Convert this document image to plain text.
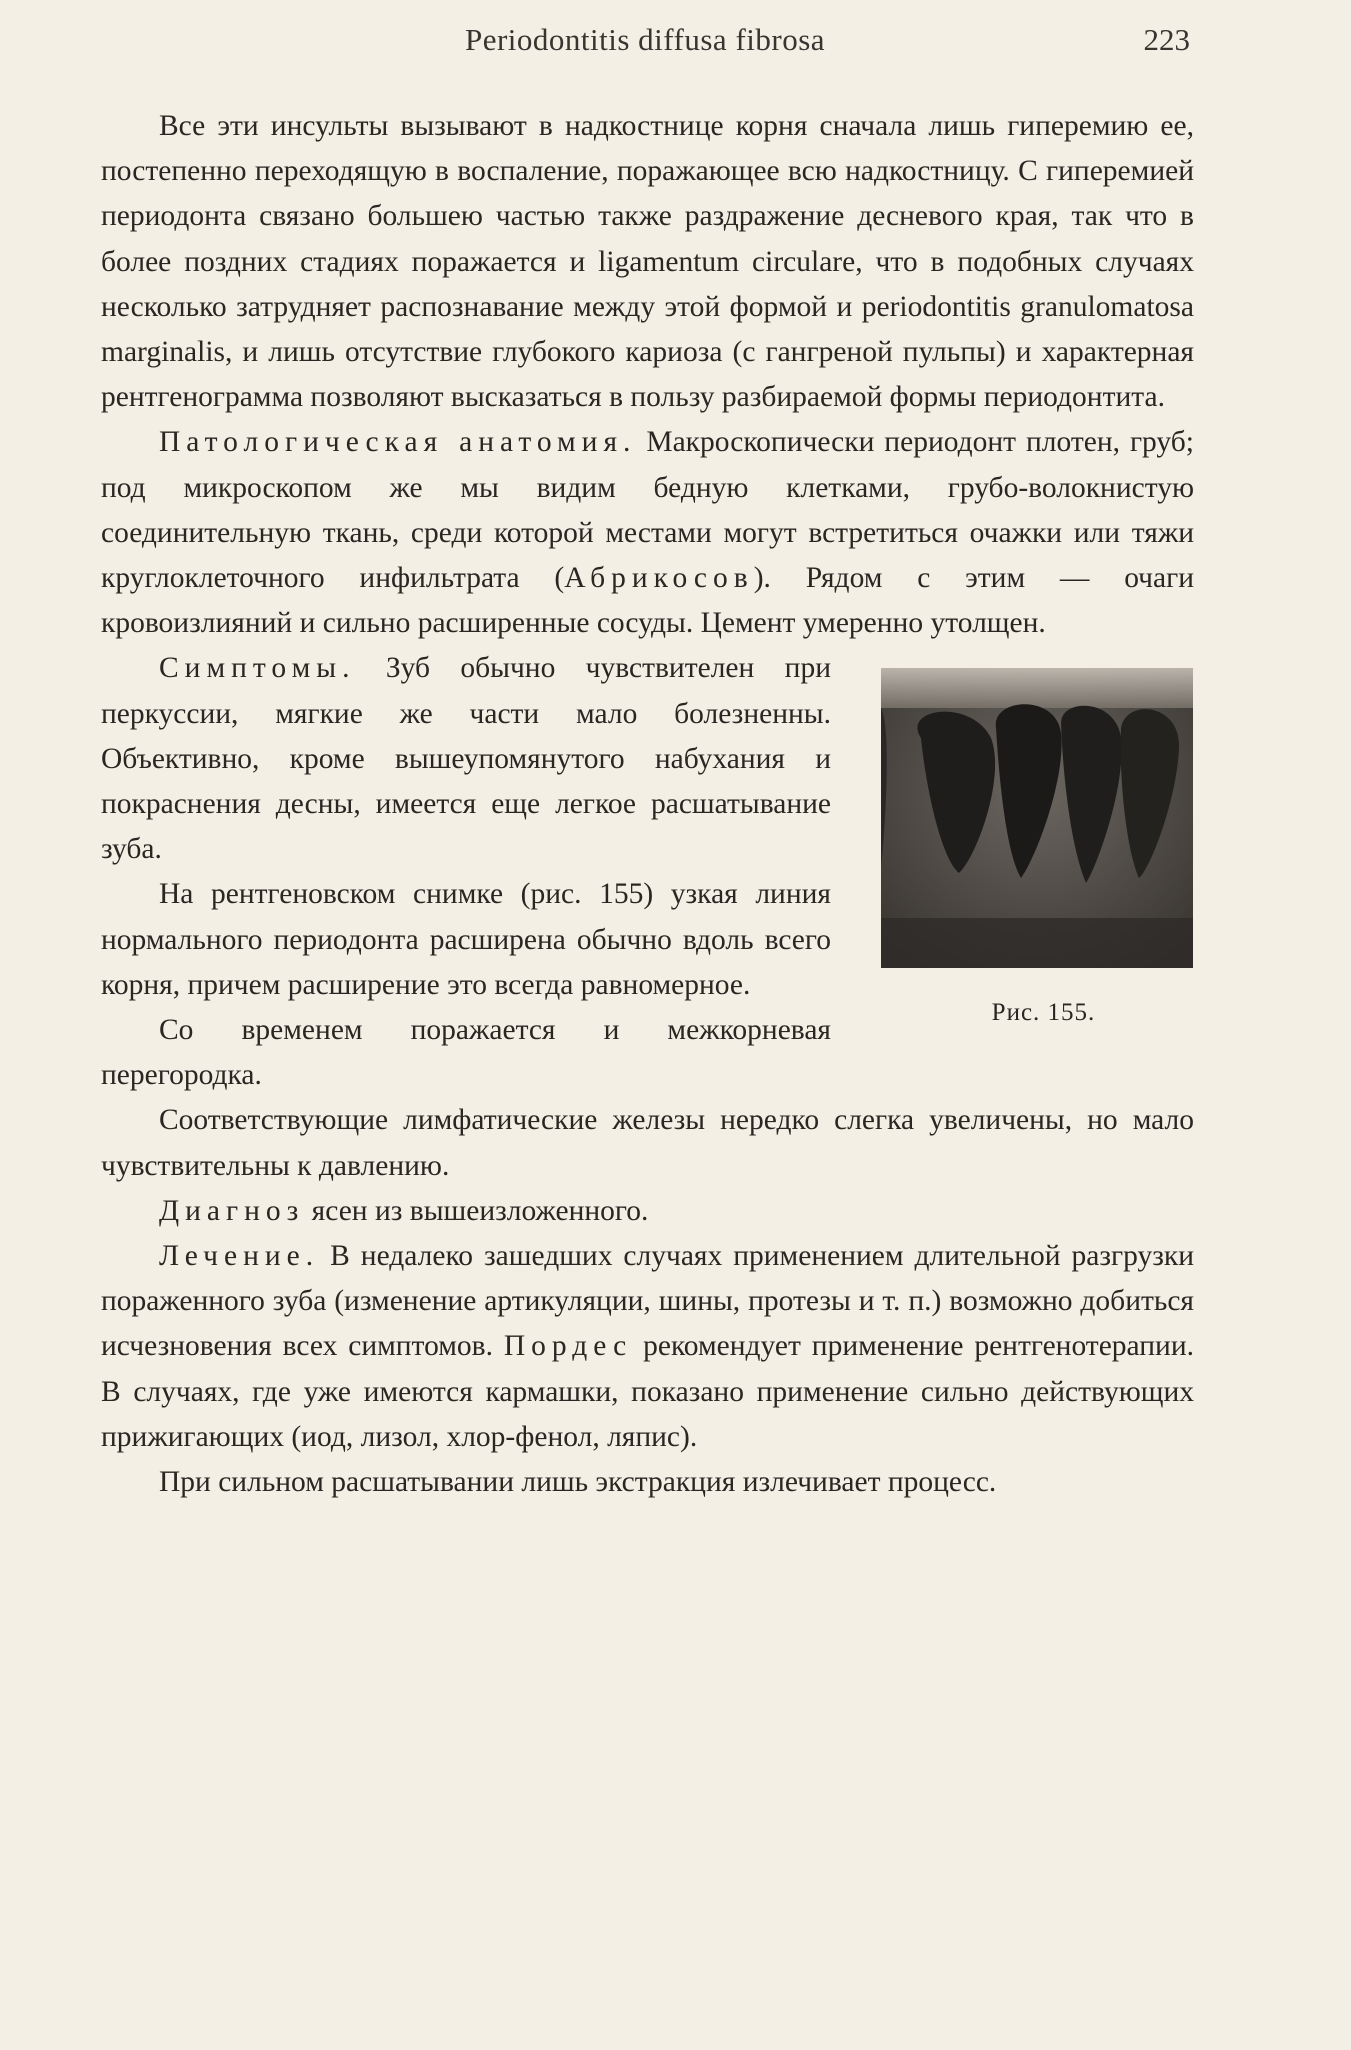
Periodontitis diffusa fibrosa	223

Все эти инсульты вызывают в надкостнице корня сначала лишь гиперемию ее, постепенно переходящую в воспаление, поражающее всю надкостницу. С гиперемией периодонта связано большею частью также раздражение десневого края, так что в более поздних стадиях поражается и ligamentum circulare, что в подобных случаях несколько затрудняет распознавание между этой формой и periodontitis granulomatosa marginalis, и лишь отсутствие глубокого кариоза (с гангреной пульпы) и характерная рентгенограмма позволяют высказаться в пользу разбираемой формы периодонтита.

Патологическая анатомия. Макроскопически периодонт плотен, груб; под микроскопом же мы видим бедную клетками, грубо-волокнистую соединительную ткань, среди которой местами могут встретиться очажки или тяжи круглоклеточного инфильтрата (Абрикосов). Рядом с этим — очаги кровоизлияний и сильно расширенные сосуды. Цемент умеренно утолщен.

Рис. 155.

Симптомы. Зуб обычно чувствителен при перкуссии, мягкие же части мало болезненны. Объективно, кроме вышеупомянутого набухания и покраснения десны, имеется еще легкое расшатывание зуба.

На рентгеновском снимке (рис. 155) узкая линия нормального периодонта расширена обычно вдоль всего корня, причем расширение это всегда равномерное.

Со временем поражается и межкорневая перегородка.

Соответствующие лимфатические железы нередко слегка увеличены, но мало чувствительны к давлению.

Диагноз ясен из вышеизложенного.

Лечение. В недалеко зашедших случаях применением длительной разгрузки пораженного зуба (изменение артикуляции, шины, протезы и т. п.) возможно добиться исчезновения всех симптомов. Пордес рекомендует применение рентгенотерапии. В случаях, где уже имеются кармашки, показано применение сильно действующих прижигающих (иод, лизол, хлор-фенол, ляпис).

При сильном расшатывании лишь экстракция излечивает процесс.
